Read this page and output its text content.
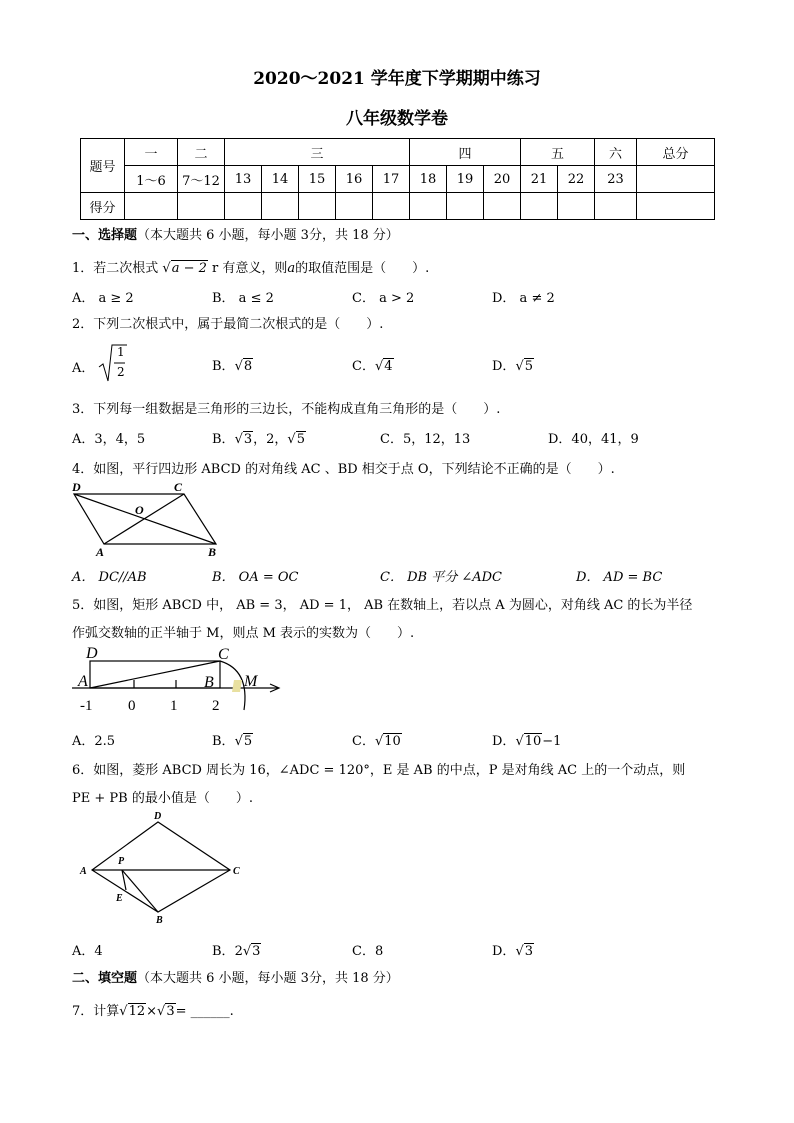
2020～2021 学年度下学期期中练习
八年级数学卷
题号	一	二	三					四			五		六	总分
	1～6	7～12	13	14	15	16	17	18	19	20	21	22	23	
得分														
一、选择题（本大题共 6 小题，每小题 3分，共 18 分）
1．若二次根式 √a − 2 r 有意义，则a的取值范围是（　　）.
A． a ≥ 2	B． a ≤ 2	C． a > 2	D． a ≠ 2
2．下列二次根式中，属于最简二次根式的是（　　）.
A．
1
2	B．√8	C．√4	D．√5
3．下列每一组数据是三角形的三边长，不能构成直角三角形的是（　　）.
A．3，4，5	B．√3，2，√5	C．5，12，13	D．40，41，9
4．如图，平行四边形 ABCD 的对角线 AC 、BD 相交于点 O，下列结论不正确的是（　　）.
D	C
O
A	B
A． DC//AB	B． OA = OC	C． DB 平分 ∠ADC	D． AD = BC
5．如图，矩形 ABCD 中， AB = 3， AD = 1， AB 在数轴上，若以点 A 为圆心，对角线 AC 的长为半径
作弧交数轴的正半轴于 M，则点 M 表示的实数为（　　）.
D	C
A	B M
-1 0 1 2
A．2.5	B．√5	C．√10	D．√10−1
6．如图，菱形 ABCD 周长为 16，∠ADC = 120°，E 是 AB 的中点，P 是对角线 AC 上的一个动点，则
PE + PB 的最小值是（　　）.
D
A
P
C
E
B
A．4	B．2√3	C．8	D．√3
二、填空题（本大题共 6 小题，每小题 3分，共 18 分）
7．计算√12×√3= ______.
